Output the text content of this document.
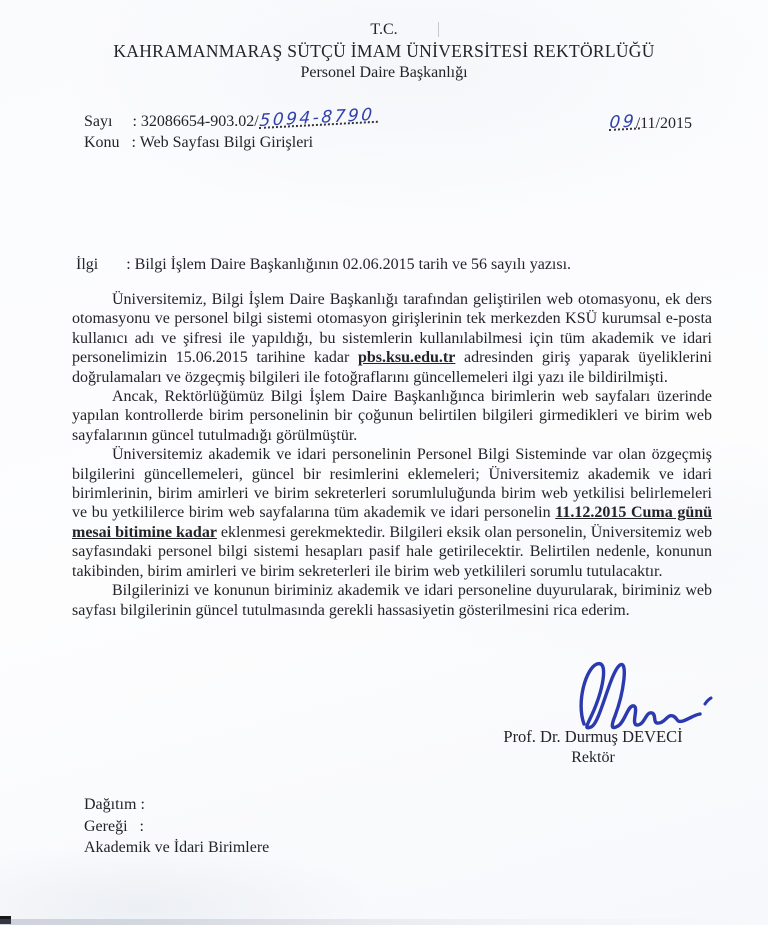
T.C.
KAHRAMANMARAŞ SÜTÇÜ İMAM ÜNİVERSİTESİ REKTÖRLÜĞÜ
Personel Daire Başkanlığı
Sayı     : 32086654-903.02/5094-8790
Konu   : Web Sayfası Bilgi Girişleri
09
/11/2015
İlgi       : Bilgi İşlem Daire Başkanlığının 02.06.2015 tarih ve 56 sayılı yazısı.

Üniversitemiz, Bilgi İşlem Daire Başkanlığı tarafından geliştirilen web otomasyonu, ek ders otomasyonu ve personel bilgi sistemi otomasyon girişlerinin tek merkezden KSÜ kurumsal e-posta kullanıcı adı ve şifresi ile yapıldığı, bu sistemlerin kullanılabilmesi için tüm akademik ve idari personelimizin 15.06.2015 tarihine kadar pbs.ksu.edu.tr adresinden giriş yaparak üyeliklerini doğrulamaları ve özgeçmiş bilgileri ile fotoğraflarını güncellemeleri ilgi yazı ile bildirilmişti.

Ancak, Rektörlüğümüz Bilgi İşlem Daire Başkanlığınca birimlerin web sayfaları üzerinde yapılan kontrollerde birim personelinin bir çoğunun belirtilen bilgileri girmedikleri ve birim web sayfalarının güncel tutulmadığı görülmüştür.

Üniversitemiz akademik ve idari personelinin Personel Bilgi Sisteminde var olan özgeçmiş bilgilerini güncellemeleri, güncel bir resimlerini eklemeleri; Üniversitemiz akademik ve idari birimlerinin, birim amirleri ve birim sekreterleri sorumluluğunda birim web yetkilisi belirlemeleri ve bu yetkililerce birim web sayfalarına tüm akademik ve idari personelin 11.12.2015 Cuma günü mesai bitimine kadar eklenmesi gerekmektedir. Bilgileri eksik olan personelin, Üniversitemiz web sayfasındaki personel bilgi sistemi hesapları pasif hale getirilecektir. Belirtilen nedenle, konunun takibinden, birim amirleri ve birim sekreterleri ile birim web yetkilileri sorumlu tutulacaktır.

Bilgilerinizi ve konunun biriminiz akademik ve idari personeline duyurularak, biriminiz web sayfası bilgilerinin güncel tutulmasında gerekli hassasiyetin gösterilmesini rica ederim.

Prof. Dr. Durmuş DEVECİ
Rektör
Dağıtım :
Gereği   :
Akademik ve İdari Birimlere
